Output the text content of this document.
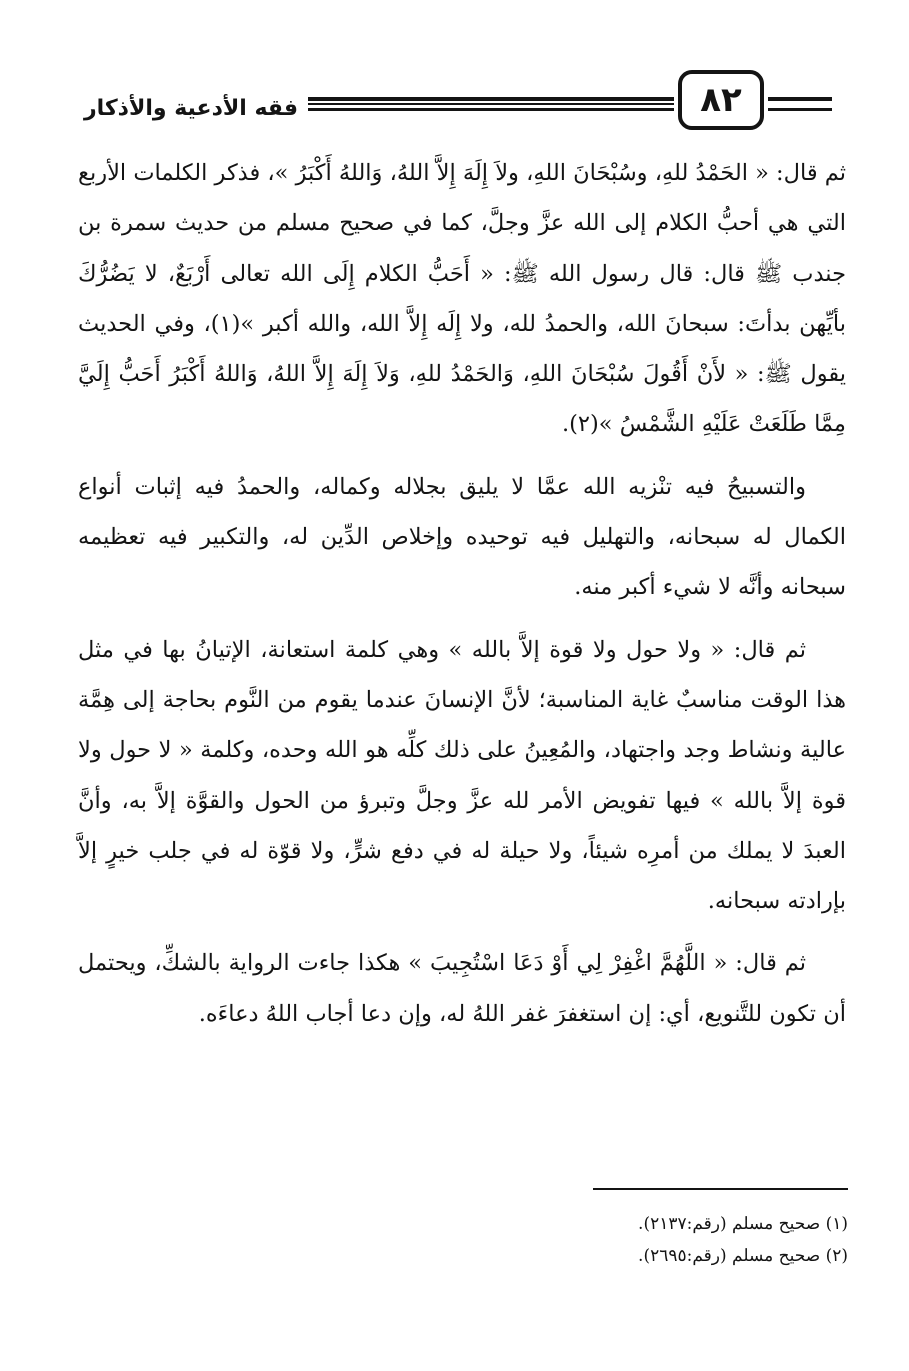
فقه الأدعية والأذكار	٨٢

ثم قال: « الحَمْدُ للهِ، وسُبْحَانَ اللهِ، ولاَ إِلَهَ إِلاَّ اللهُ، وَاللهُ أَكْبَرُ »، فذكر الكلمات الأربع التي هي أحبُّ الكلام إلى الله عزَّ وجلَّ، كما في صحيح مسلم من حديث سمرة بن جندب ﷺ قال: قال رسول الله ﷺ: « أَحَبُّ الكلام إِلَى الله تعالى أَرْبَعٌ، لا يَضُرُّكَ بأيِّهن بدأتَ: سبحانَ الله، والحمدُ لله، ولا إِلَه إِلاَّ الله، والله أكبر »(١)، وفي الحديث يقول ﷺ: « لأَنْ أَقُولَ سُبْحَانَ اللهِ، وَالحَمْدُ للهِ، وَلاَ إِلَهَ إِلاَّ اللهُ، وَاللهُ أَكْبَرُ أَحَبُّ إِلَيَّ مِمَّا طَلَعَتْ عَلَيْهِ الشَّمْسُ »(٢).

والتسبيحُ فيه تنْزيه الله عمَّا لا يليق بجلاله وكماله، والحمدُ فيه إثبات أنواع الكمال له سبحانه، والتهليل فيه توحيده وإخلاص الدِّين له، والتكبير فيه تعظيمه سبحانه وأنَّه لا شيء أكبر منه.

ثم قال: « ولا حول ولا قوة إلاَّ بالله » وهي كلمة استعانة، الإتيانُ بها في مثل هذا الوقت مناسبٌ غاية المناسبة؛ لأنَّ الإنسانَ عندما يقوم من النَّوم بحاجة إلى هِمَّة عالية ونشاط وجد واجتهاد، والمُعِينُ على ذلك كلِّه هو الله وحده، وكلمة « لا حول ولا قوة إلاَّ بالله » فيها تفويض الأمر لله عزَّ وجلَّ وتبرؤ من الحول والقوَّة إلاَّ به، وأنَّ العبدَ لا يملك من أمرِه شيئاً، ولا حيلة له في دفع شرٍّ، ولا قوّة له في جلب خيرٍ إلاَّ بإرادته سبحانه.

ثم قال: « اللَّهُمَّ اغْفِرْ لِي أَوْ دَعَا اسْتُجِيبَ » هكذا جاءت الرواية بالشكِّ، ويحتمل أن تكون للتَّنويع، أي: إن استغفرَ غفر اللهُ له، وإن دعا أجاب اللهُ دعاءَه.

(١) صحيح مسلم (رقم:٢١٣٧).
(٢) صحيح مسلم (رقم:٢٦٩٥).
